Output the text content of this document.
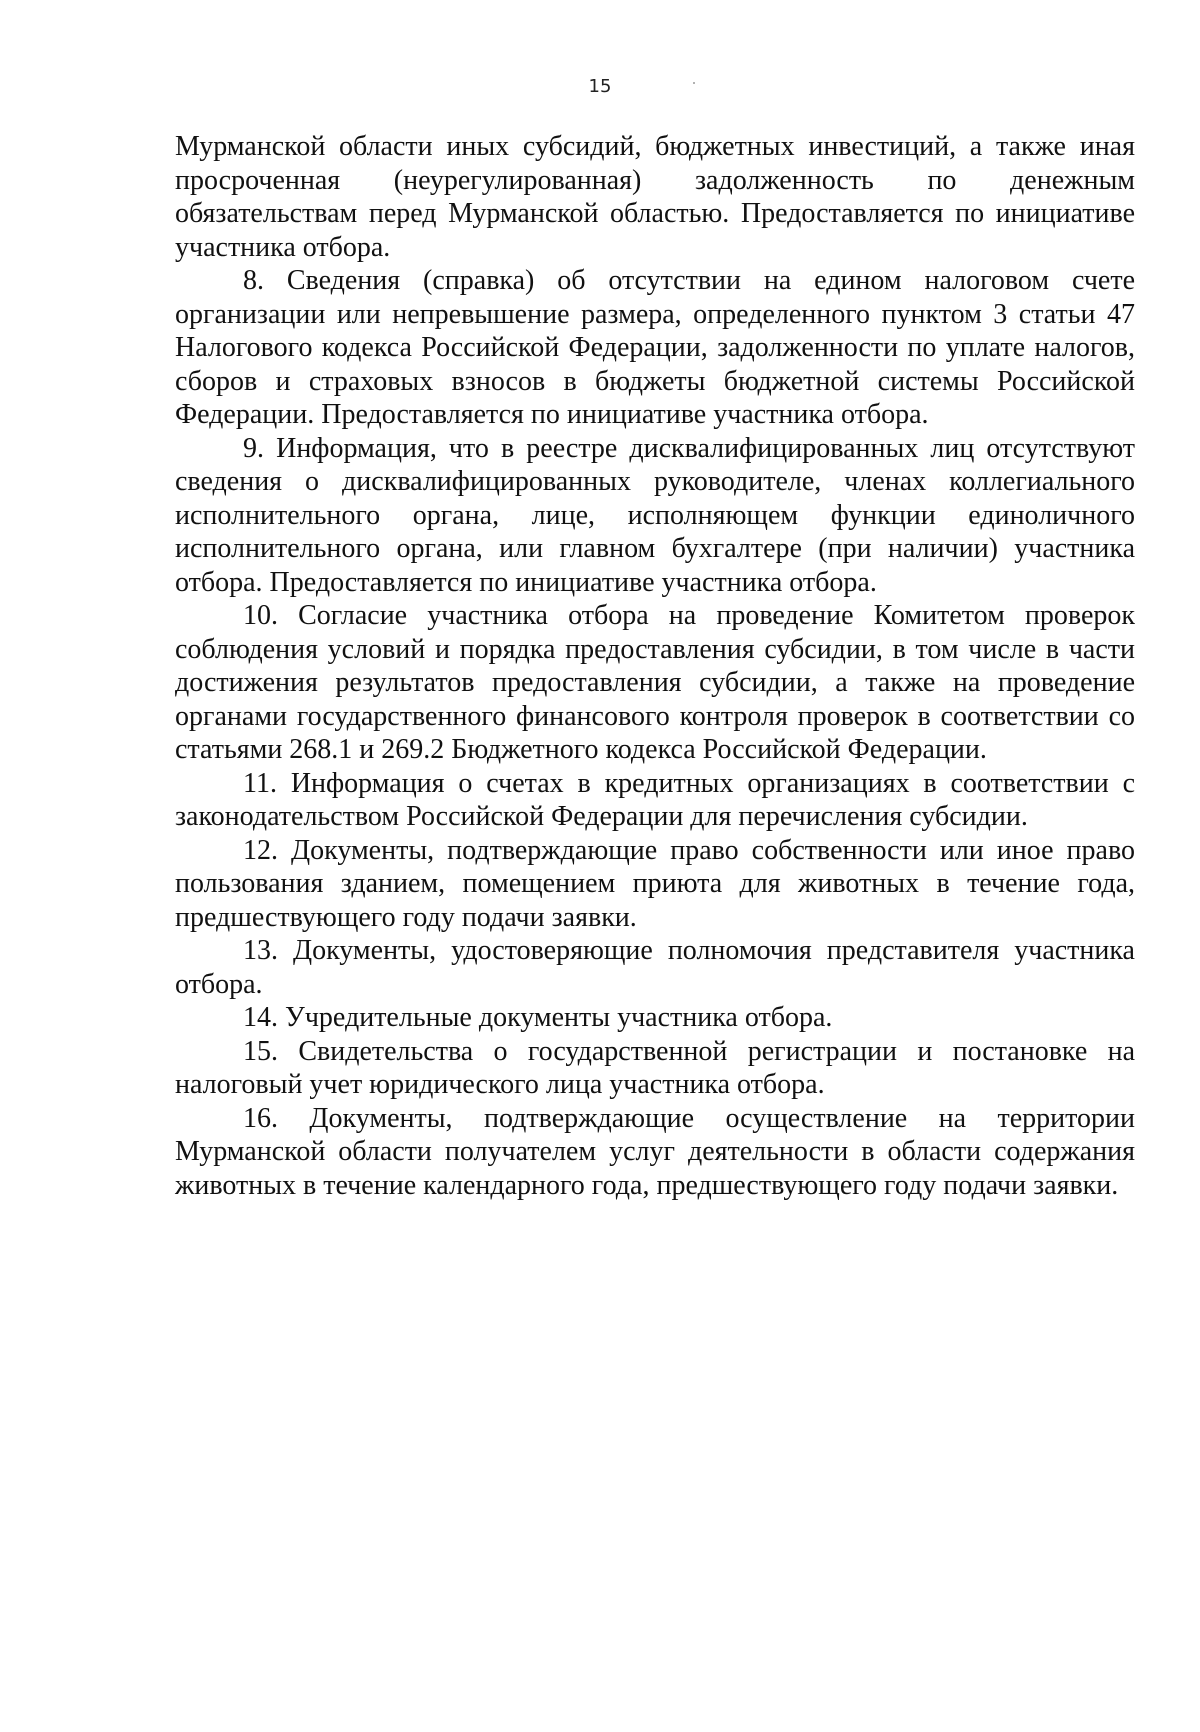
15

Мурманской области иных субсидий, бюджетных инвестиций, а также иная просроченная (неурегулированная) задолженность по денежным обязательствам перед Мурманской областью. Предоставляется по инициативе участника отбора.

8. Сведения (справка) об отсутствии на едином налоговом счете организации или непревышение размера, определенного пунктом 3 статьи 47 Налогового кодекса Российской Федерации, задолженности по уплате налогов, сборов и страховых взносов в бюджеты бюджетной системы Российской Федерации. Предоставляется по инициативе участника отбора.

9. Информация, что в реестре дисквалифицированных лиц отсутствуют сведения о дисквалифицированных руководителе, членах коллегиального исполнительного органа, лице, исполняющем функции единоличного исполнительного органа, или главном бухгалтере (при наличии) участника отбора. Предоставляется по инициативе участника отбора.

10. Согласие участника отбора на проведение Комитетом проверок соблюдения условий и порядка предоставления субсидии, в том числе в части достижения результатов предоставления субсидии, а также на проведение органами государственного финансового контроля проверок в соответствии со статьями 268.1 и 269.2 Бюджетного кодекса Российской Федерации.

11. Информация о счетах в кредитных организациях в соответствии с законодательством Российской Федерации для перечисления субсидии.

12. Документы, подтверждающие право собственности или иное право пользования зданием, помещением приюта для животных в течение года, предшествующего году подачи заявки.

13. Документы, удостоверяющие полномочия представителя участника отбора.

14. Учредительные документы участника отбора.

15. Свидетельства о государственной регистрации и постановке на налоговый учет юридического лица участника отбора.

16. Документы, подтверждающие осуществление на территории Мурманской области получателем услуг деятельности в области содержания животных в течение календарного года, предшествующего году подачи заявки.
